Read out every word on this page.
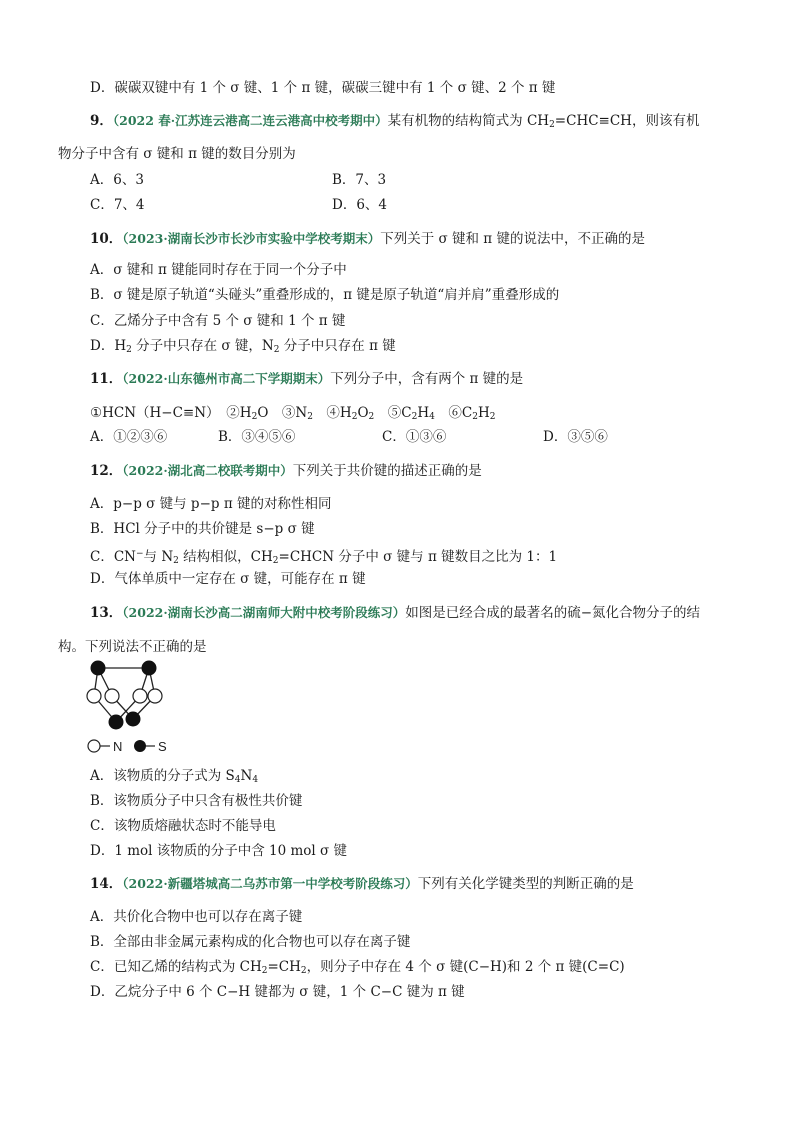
D．碳碳双键中有 1 个 σ 键、1 个 π 键，碳碳三键中有 1 个 σ 键、2 个 π 键
9．（2022 春·江苏连云港高二连云港高中校考期中）某有机物的结构简式为 $CH_2=CHC\equiv CH$，则该有机
物分子中含有 σ 键和 π 键的数目分别为
A．6、3	B．7、3
C．7、4	D．6、4
10．（2023·湖南长沙市长沙市实验中学校考期末）下列关于 σ 键和 π 键的说法中，不正确的是
A．σ 键和 π 键能同时存在于同一个分子中
B．σ 键是原子轨道“头碰头”重叠形成的，π 键是原子轨道“肩并肩”重叠形成的
C．乙烯分子中含有 5 个 σ 键和 1 个 π 键
D．$H_2$ 分子中只存在 σ 键，$N_2$ 分子中只存在 π 键
11．（2022·山东德州市高二下学期期末）下列分子中，含有两个 π 键的是
①HCN（H−C≡N）　$②H_2O$　$③N_2$　$④H_2O_2$　$⑤C_2H_4$　$⑥C_2H_2$
A．①②③⑥	B．③④⑤⑥	C．①③⑥	D．③⑤⑥
12．（2022·湖北高二校联考期中）下列关于共价键的描述正确的是
A．p−p σ 键与 p−p π 键的对称性相同
B．HCl 分子中的共价键是 s−p σ 键
C．CN−与 $N_2$ 结构相似，$CH_2=CHCN$ 分子中 σ 键与 π 键数目之比为 1：1
D．气体单质中一定存在 σ 键，可能存在 π 键
13．（2022·湖南长沙高二湖南师大附中校考阶段练习）如图是已经合成的最著名的硫−氮化合物分子的结
构。下列说法不正确的是
N	S
A．该物质的分子式为 $S_4N_4$
B．该物质分子中只含有极性共价键
C．该物质熔融状态时不能导电
D．1 mol 该物质的分子中含 10 mol σ 键
14．（2022·新疆塔城高二乌苏市第一中学校考阶段练习）下列有关化学键类型的判断正确的是
A．共价化合物中也可以存在离子键
B．全部由非金属元素构成的化合物也可以存在离子键
C．已知乙烯的结构式为 $CH_2=CH_2$，则分子中存在 4 个 σ 键(C−H)和 2 个 π 键(C=C)
D．乙烷分子中 6 个 C−H 键都为 σ 键，1 个 C−C 键为 π 键
